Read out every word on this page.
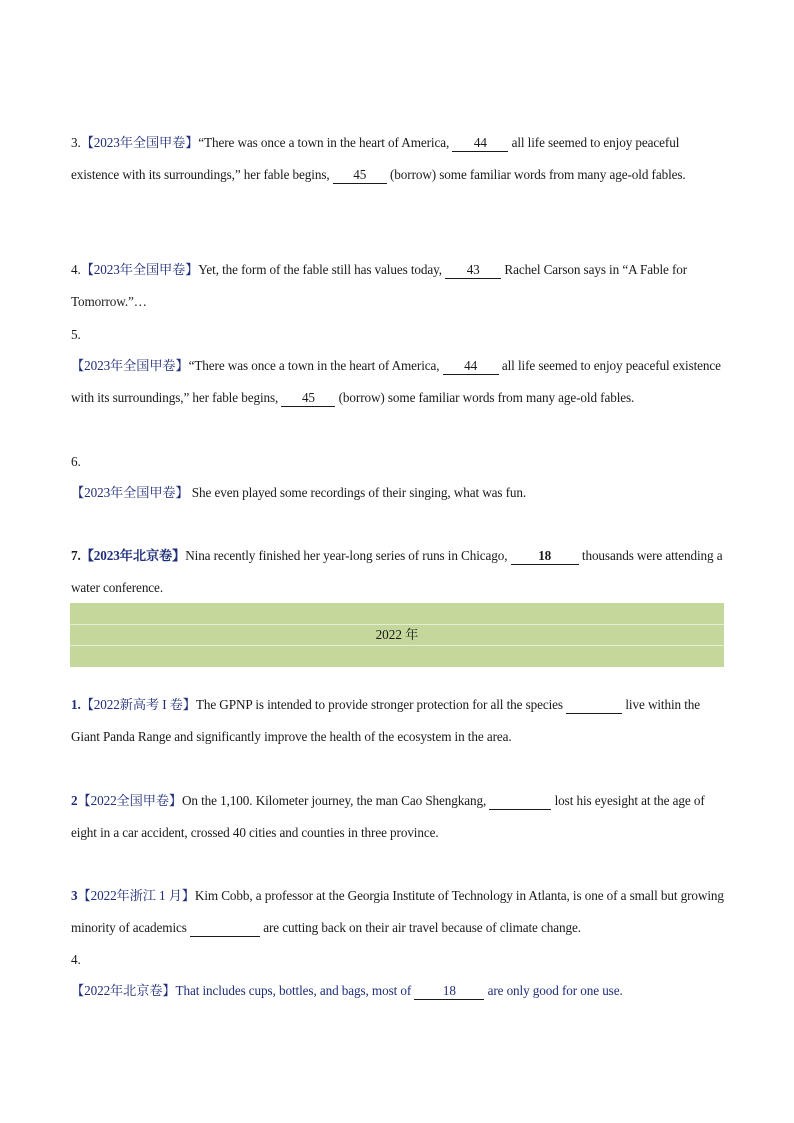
3.【2023年全国甲卷】“There was once a town in the heart of America, 44 all life seemed to enjoy peaceful existence with its surroundings,” her fable begins, 45 (borrow) some familiar words from many age-old fables.
4.【2023年全国甲卷】Yet, the form of the fable still has values today, 43 Rachel Carson says in “A Fable for Tomorrow.”…
5.
【2023年全国甲卷】“There was once a town in the heart of America, 44 all life seemed to enjoy peaceful existence with its surroundings,” her fable begins, 45 (borrow) some familiar words from many age-old fables.
6.
【2023年全国甲卷】 She even played some recordings of their singing, what was fun.
7.【2023年北京卷】Nina recently finished her year-long series of runs in Chicago, 18 thousands were attending a water conference.
2022 年
1.【2022新高考 I 卷】The GPNP is intended to provide stronger protection for all the species	live within the Giant Panda Range and significantly improve the health of the ecosystem in the area.
2【2022全国甲卷】On the 1,100. Kilometer journey, the man Cao Shengkang,	lost his eyesight at the age of eight in a car accident, crossed 40 cities and counties in three province.
3【2022年浙江 1 月】Kim Cobb, a professor at the Georgia Institute of Technology in Atlanta, is one of a small but growing minority of academics	are cutting back on their air travel because of climate change.
4.
【2022年北京卷】That includes cups, bottles, and bags, most of 18 are only good for one use.
